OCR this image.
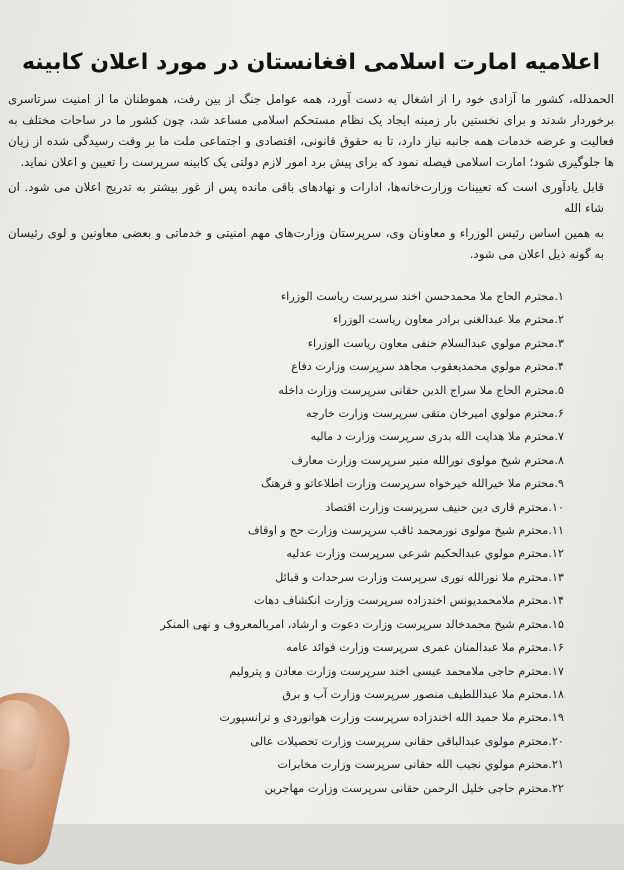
اعلامیه امارت اسلامی افغانستان در مورد اعلان کابینه

الحمدلله، کشور ما آزادی خود را از اشغال به دست آورد، همه عوامل جنگ از بین رفت، هموطنان ما از امنیت سرتاسری برخوردار شدند و برای نخستین بار زمینه ایجاد یک نظام مستحکم اسلامی مساعد شد، چون کشور ما در ساحات مختلف به فعالیت و عرضه خدمات همه جانبه نیاز دارد، تا به حقوق قانونی، اقتصادی و اجتماعی ملت ما بر وقت رسیدگی شده از زیان ها جلوگیری شود؛ امارت اسلامی فیصله نمود که برای پیش برد امور لازم دولتی یک کابینه سرپرست را تعیین و اعلان نماید.

قابل یادآوری است که تعیینات وزارت‌خانه‌ها، ادارات و نهادهای باقی مانده پس از غور بیشتر به تدریج اعلان می شود. ان شاء الله

به همین اساس رئیس الوزراء و معاونان وی، سرپرستان وزارت‌های مهم امنیتی و خدماتی و بعضی معاونین و لوی رئیسان به گونه ذیل اعلان می شود.

۱.محترم الحاج ملا محمدحسن اخند سرپرست ریاست الوزراء
۲.محترم ملا عبدالغنی برادر معاون ریاست الوزراء
۳.محترم مولوي عبدالسلام حنفی معاون ریاست الوزراء
۴.محترم مولوي محمدیعقوب مجاهد سرپرست وزارت دفاع
۵.محترم الحاج ملا سراج الدین حقانی سرپرست وزارت داخله
۶.محترم مولوي امیرخان متقی سرپرست وزارت خارجه
۷.محترم ملا هدایت الله بدری سرپرست وزارت د مالیه
۸.محترم شیخ مولوی نورالله منیر سرپرست وزارت معارف
۹.محترم ملا خیرالله خیرخواه سرپرست وزارت اطلاعاتو و فرهنگ
۱۰.محترم قاری دین حنیف سرپرست وزارت اقتصاد
۱۱.محترم شیخ مولوی نورمحمد ثاقب سرپرست وزارت حج و اوقاف
۱۲.محترم مولوي عبدالحکیم شرعی سرپرست وزارت عدلیه
۱۳.محترم ملا نورالله نوری سرپرست وزارت سرحدات و قبائل
۱۴.محترم ملامحمدیونس اخندزاده سرپرست وزارت انکشاف دهات
۱۵.محترم شیخ محمدخالد سرپرست وزارت دعوت و ارشاد، امربالمعروف و نهی المنکر
۱۶.محترم ملا عبدالمنان عمری سرپرست وزارت فوائد عامه
۱۷.محترم حاجی ملامحمد عیسی اخند سرپرست وزارت معادن و پترولیم
۱۸.محترم ملا عبداللطیف منصور سرپرست وزارت آب و برق
۱۹.محترم ملا حمید الله اخندزاده سرپرست وزارت هوانوردی و ترانسپورت
۲۰.محترم مولوی عبدالباقی حقانی سرپرست وزارت تحصیلات عالی
۲۱.محترم مولوي نجیب الله حقانی سرپرست وزارت مخابرات
۲۲.محترم حاجی خلیل الرحمن حقانی سرپرست وزارت مهاجرین
